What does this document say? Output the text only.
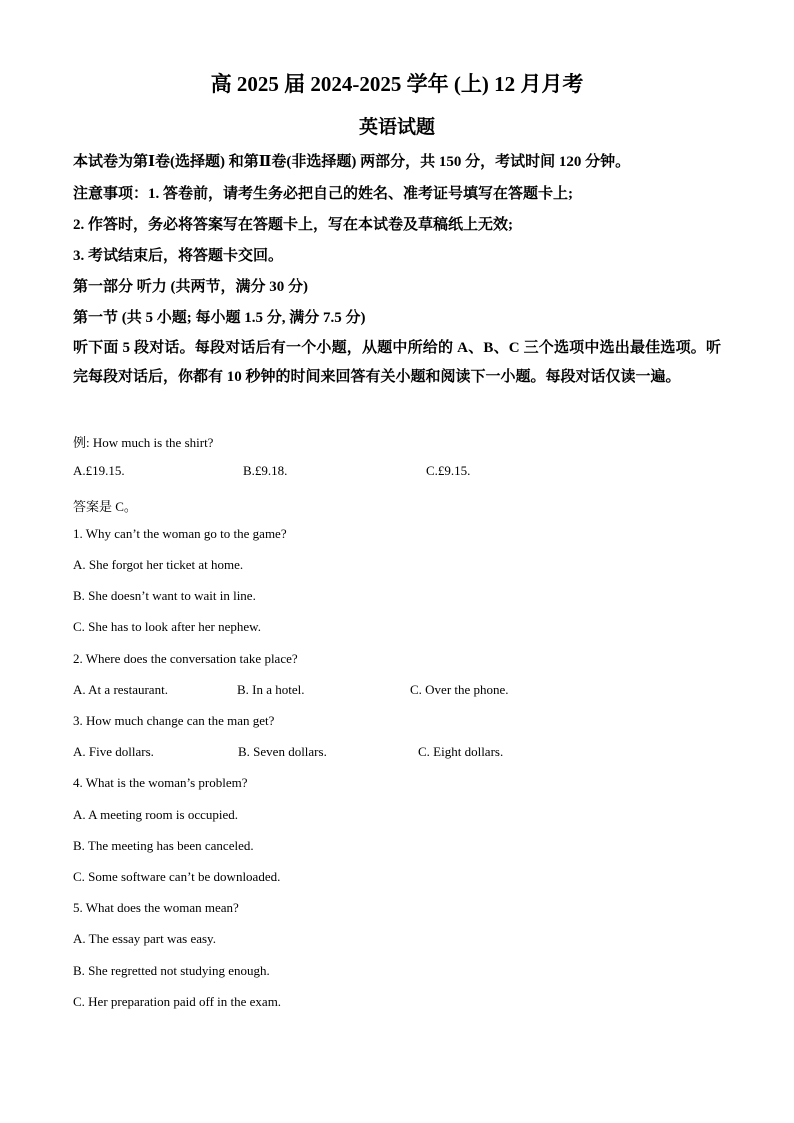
高 2025 届 2024-2025 学年 (上) 12 月月考
英语试题
本试卷为第Ⅰ卷(选择题) 和第Ⅱ卷(非选择题) 两部分，共 150 分，考试时间 120 分钟。
注意事项：1. 答卷前，请考生务必把自己的姓名、准考证号填写在答题卡上;
2. 作答时，务必将答案写在答题卡上，写在本试卷及草稿纸上无效;
3. 考试结束后，将答题卡交回。
第一部分 听力 (共两节，满分 30 分)
第一节 (共 5 小题; 每小题 1.5 分, 满分 7.5 分)
听下面 5 段对话。每段对话后有一个小题，从题中所给的 A、B、C 三个选项中选出最佳选项。听完每段对话后，你都有 10 秒钟的时间来回答有关小题和阅读下一小题。每段对话仅读一遍。
例: How much is the shirt?
A.£19.15.	B.£9.18.	C.£9.15.
答案是 C。
1. Why can’t the woman go to the game?
A. She forgot her ticket at home.
B. She doesn’t want to wait in line.
C. She has to look after her nephew.
2. Where does the conversation take place?
A. At a restaurant.	B. In a hotel.	C. Over the phone.
3. How much change can the man get?
A. Five dollars.	B. Seven dollars.	C. Eight dollars.
4. What is the woman’s problem?
A. A meeting room is occupied.
B. The meeting has been canceled.
C. Some software can’t be downloaded.
5. What does the woman mean?
A. The essay part was easy.
B. She regretted not studying enough.
C. Her preparation paid off in the exam.
